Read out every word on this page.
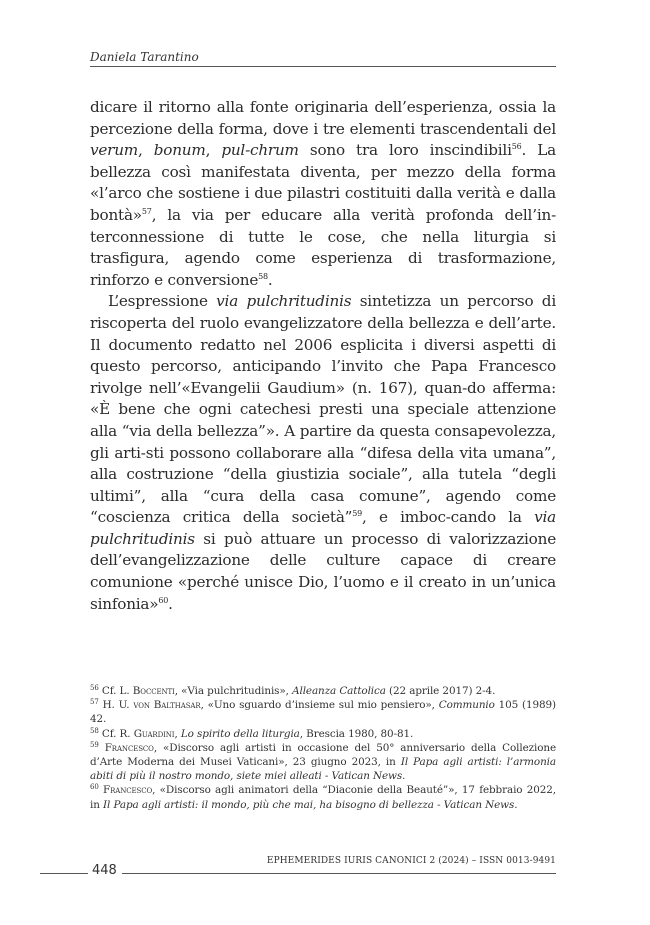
Daniela Tarantino

dicare il ritorno alla fonte originaria dell’esperienza, ossia la percezione della forma, dove i tre elementi trascendentali del verum, bonum, pul-chrum sono tra loro inscindibili$^{56}$. La bellezza così manifestata diventa, per mezzo della forma «l’arco che sostiene i due pilastri costituiti dalla verità e dalla bontà»$^{57}$, la via per educare alla verità profonda dell’in-terconnessione di tutte le cose, che nella liturgia si trasfigura, agendo come esperienza di trasformazione, rinforzo e conversione$^{58}$.

L’espressione via pulchritudinis sintetizza un percorso di riscoperta del ruolo evangelizzatore della bellezza e dell’arte. Il documento redatto nel 2006 esplicita i diversi aspetti di questo percorso, anticipando l’invito che Papa Francesco rivolge nell’«Evangelii Gaudium» (n. 167), quan-do afferma: «È bene che ogni catechesi presti una speciale attenzione alla “via della bellezza”». A partire da questa consapevolezza, gli arti-sti possono collaborare alla “difesa della vita umana”, alla costruzione “della giustizia sociale”, alla tutela “degli ultimi”, alla “cura della casa comune”, agendo come “coscienza critica della società”$^{59}$, e imboc-cando la via pulchritudinis si può attuare un processo di valorizzazione dell’evangelizzazione delle culture capace di creare comunione «perché unisce Dio, l’uomo e il creato in un’unica sinfonia»$^{60}$.

$^{56}$ Cf. L. Boccenti, «Via pulchritudinis», Alleanza Cattolica (22 aprile 2017) 2-4.

$^{57}$ H. U. von Balthasar, «Uno sguardo d’insieme sul mio pensiero», Communio 105 (1989) 42.

$^{58}$ Cf. R. Guardini, Lo spirito della liturgia, Brescia 1980, 80-81.

$^{59}$ Francesco, «Discorso agli artisti in occasione del 50° anniversario della Collezione d’Arte Moderna dei Musei Vaticani», 23 giugno 2023, in Il Papa agli artisti: l’armonia abiti di più il nostro mondo, siete miei alleati - Vatican News.

$^{60}$ Francesco, «Discorso agli animatori della “Diaconie della Beauté”», 17 febbraio 2022, in Il Papa agli artisti: il mondo, più che mai, ha bisogno di bellezza - Vatican News.

EPHEMERIDES IURIS CANONICI 2 (2024) – ISSN 0013-9491
448
